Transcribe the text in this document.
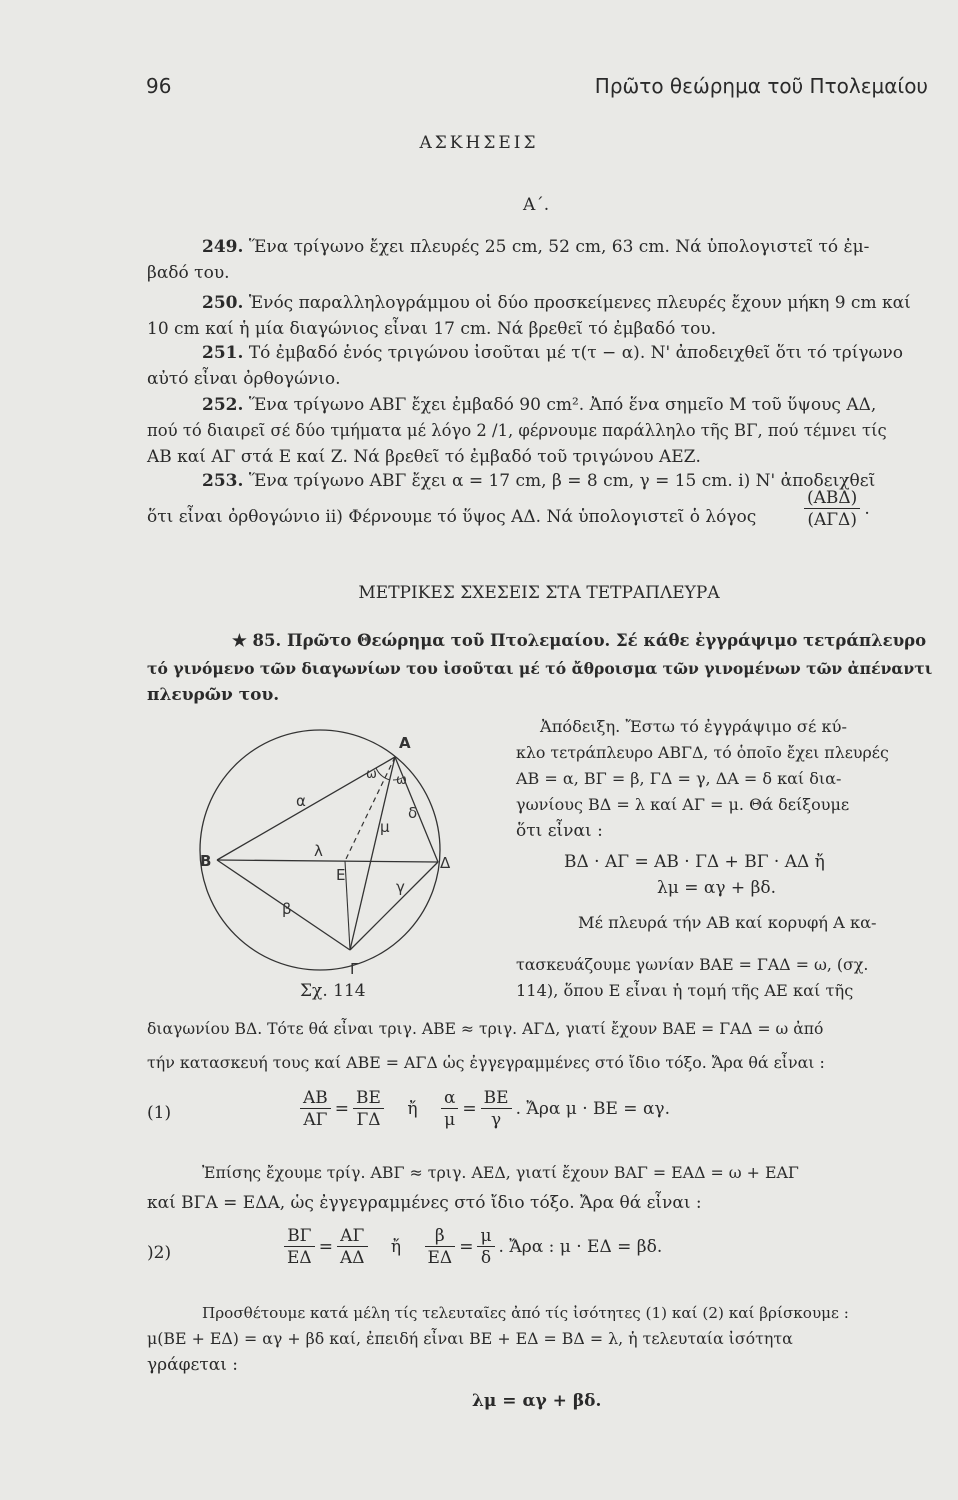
96	Πρῶτο θεώρημα τοῦ Πτολεμαίου
ΑΣΚΗΣΕΙΣ
Α΄.
249. Ἕνα τρίγωνο ἔχει πλευρές 25 cm, 52 cm, 63 cm. Νά ὑπολογιστεῖ τό ἐμ-
βαδό του.
250. Ἑνός παραλληλογράμμου οἱ δύο προσκείμενες πλευρές ἔχουν μήκη 9 cm καί
10 cm καί ἡ μία διαγώνιος εἶναι 17 cm. Νά βρεθεῖ τό ἐμβαδό του.
251. Τό ἐμβαδό ἑνός τριγώνου ἰσοῦται μέ τ(τ − α). Ν' ἀποδειχθεῖ ὅτι τό τρίγωνο
αὐτό εἶναι ὀρθογώνιο.
252. Ἕνα τρίγωνο ΑΒΓ ἔχει ἐμβαδό 90 cm². Ἀπό ἕνα σημεῖο Μ τοῦ ὕψους ΑΔ,
πού τό διαιρεῖ σέ δύο τμήματα μέ λόγο 2 /1, φέρνουμε παράλληλο τῆς ΒΓ, πού τέμνει τίς
ΑΒ καί ΑΓ στά Ε καί Ζ. Νά βρεθεῖ τό ἐμβαδό τοῦ τριγώνου ΑΕΖ.
253. Ἕνα τρίγωνο ΑΒΓ ἔχει α = 17 cm, β = 8 cm, γ = 15 cm. i) Ν' ἀποδειχθεῖ
ὅτι εἶναι ὀρθογώνιο ii) Φέρνουμε τό ὕψος ΑΔ. Νά ὑπολογιστεῖ ὁ λόγος	$\frac{\text{(ΑΒΔ)}}{\text{(ΑΓΔ)}}$ .
ΜΕΤΡΙΚΕΣ ΣΧΕΣΕΙΣ ΣΤΑ ΤΕΤΡΑΠΛΕΥΡΑ
★ 85. Πρῶτο Θεώρημα τοῦ Πτολεμαίου. Σέ κάθε ἐγγράψιμο τετράπλευρο
τό γινόμενο τῶν διαγωνίων του ἰσοῦται μέ τό ἄθροισμα τῶν γινομένων τῶν ἀπέναντι
πλευρῶν του.
Α
Β
Γ
Δ
Ε
α
β
γ
δ
λ
μ
ω ω
Σχ. 114
Ἀπόδειξη. Ἔστω τό ἐγγράψιμο σέ κύ-
κλο τετράπλευρο ΑΒΓΔ, τό ὁποῖο ἔχει πλευρές
ΑΒ = α, ΒΓ = β, ΓΔ = γ, ΔΑ = δ καί δια-
γωνίους ΒΔ = λ καί ΑΓ = μ. Θά δείξουμε
ὅτι εἶναι :
ΒΔ · ΑΓ = ΑΒ · ΓΔ + ΒΓ · ΑΔ ἤ
λμ = αγ + βδ.
Μέ πλευρά τήν ΑΒ καί κορυφή Α κα-
τασκευάζουμε γωνίαν ΒΑΕ = ΓΑΔ = ω, (σχ.
114), ὅπου Ε εἶναι ἡ τομή τῆς ΑΕ καί τῆς
διαγωνίου ΒΔ. Τότε θά εἶναι τριγ. ΑΒΕ ≈ τριγ. ΑΓΔ, γιατί ἔχουν ΒΑΕ = ΓΑΔ = ω ἀπό
τήν κατασκευή τους καί ΑΒΕ = ΑΓΔ ὡς ἐγγεγραμμένες στό ἴδιο τόξο. Ἄρα θά εἶναι :
(1)	$\frac{AB}{A\Gamma} = \frac{BE}{\Gamma\Delta}$ ἤ $\frac{\alpha}{\mu} = \frac{BE}{\gamma}$ . Ἄρα μ · ΒΕ = αγ.
Ἐπίσης ἔχουμε τρίγ. ΑΒΓ ≈ τριγ. ΑΕΔ, γιατί ἔχουν ΒΑΓ = ΕΑΔ = ω + ΕΑΓ
καί ΒΓΑ = ΕΔΑ, ὡς ἐγγεγραμμένες στό ἴδιο τόξο. Ἄρα θά εἶναι :
)2)	$\frac{B\Gamma}{E\Delta} = \frac{A\Gamma}{A\Delta}$ ἤ $\frac{\beta}{E\Delta} = \frac{\mu}{\delta}$ . Ἄρα : μ · ΕΔ = βδ.
Προσθέτουμε κατά μέλη τίς τελευταῖες ἀπό τίς ἰσότητες (1) καί (2) καί βρίσκουμε :
μ(ΒΕ + ΕΔ) = αγ + βδ καί, ἐπειδή εἶναι ΒΕ + ΕΔ = ΒΔ = λ, ἡ τελευταία ἰσότητα
γράφεται :
λμ = αγ + βδ.
